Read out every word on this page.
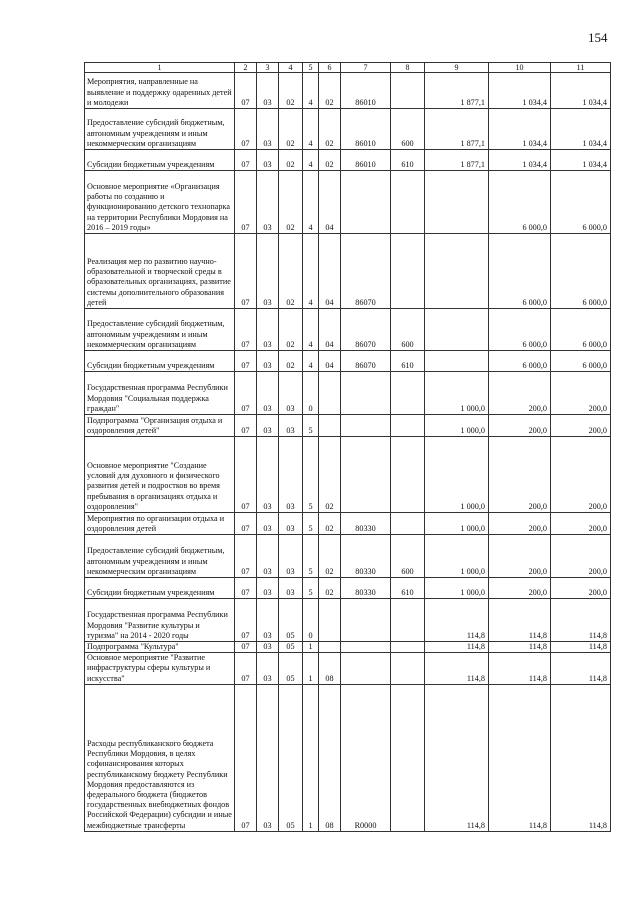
154
1	2	3	4	5	6	7	8	9	10	11
Мероприятия, направленные на выявление и поддержку одаренных детей и молодежи	07	03	02	4	02	86010		1 877,1	1 034,4	1 034,4
Предоставление субсидий бюджетным, автономным учреждениям и иным некоммерческим организациям	07	03	02	4	02	86010	600	1 877,1	1 034,4	1 034,4
Субсидии бюджетным учреждениям	07	03	02	4	02	86010	610	1 877,1	1 034,4	1 034,4
Основное мероприятие «Организация работы по созданию и функционированию детского технопарка на территории Республики Мордовия на 2016 – 2019 годы»	07	03	02	4	04				6 000,0	6 000,0
Реализация мер по развитию научно-образовательной и творческой среды в образовательных организациях, развитие системы дополнительного образования детей	07	03	02	4	04	86070			6 000,0	6 000,0
Предоставление субсидий бюджетным, автономным учреждениям и иным некоммерческим организациям	07	03	02	4	04	86070	600		6 000,0	6 000,0
Субсидии бюджетным учреждениям	07	03	02	4	04	86070	610		6 000,0	6 000,0
Государственная программа Республики Мордовия "Социальная поддержка граждан"	07	03	03	0				1 000,0	200,0	200,0
Подпрограмма "Организация отдыха и оздоровления детей"	07	03	03	5				1 000,0	200,0	200,0
Основное мероприятие "Создание условий для духовного и физического развития детей и подростков во время пребывания в организациях отдыха и оздоровления"	07	03	03	5	02			1 000,0	200,0	200,0
Мероприятия по организации отдыха и оздоровления детей	07	03	03	5	02	80330		1 000,0	200,0	200,0
Предоставление субсидий бюджетным, автономным учреждениям и иным некоммерческим организациям	07	03	03	5	02	80330	600	1 000,0	200,0	200,0
Субсидии бюджетным учреждениям	07	03	03	5	02	80330	610	1 000,0	200,0	200,0
Государственная программа Республики Мордовия "Развитие культуры и туризма" на 2014 - 2020 годы	07	03	05	0				114,8	114,8	114,8
Подпрограмма "Культура"	07	03	05	1				114,8	114,8	114,8
Основное мероприятие "Развитие инфраструктуры сферы культуры и искусства"	07	03	05	1	08			114,8	114,8	114,8
Расходы республиканского бюджета Республики Мордовия, в целях софинансирования которых республиканскому бюджету Республики Мордовия предоставляются из федерального бюджета (бюджетов государственных внебюджетных фондов Российской Федерации) субсидии и иные межбюджетные трансферты	07	03	05	1	08	R0000		114,8	114,8	114,8
